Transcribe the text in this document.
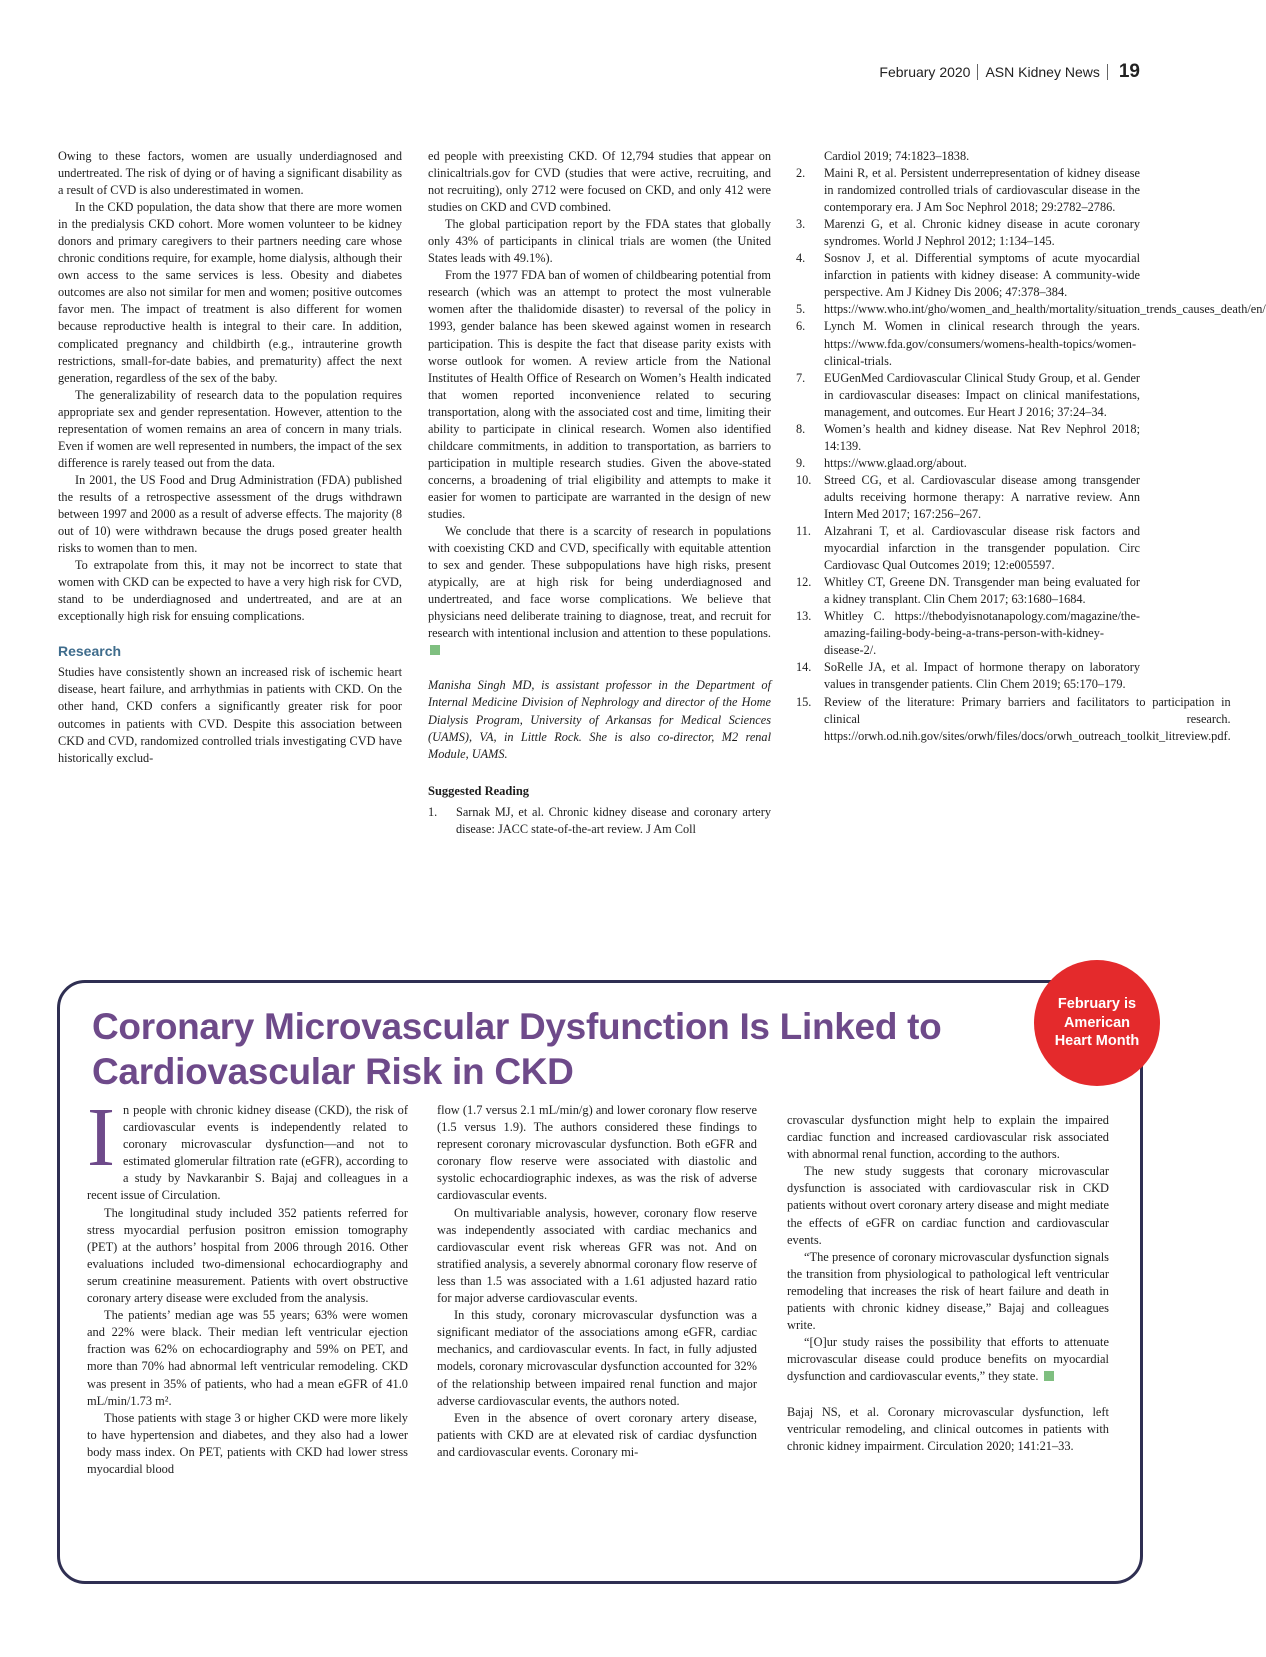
February 2020 ASN Kidney News 19

Owing to these factors, women are usually underdiagnosed and undertreated. The risk of dying or of having a significant disability as a result of CVD is also underestimated in women.

In the CKD population, the data show that there are more women in the predialysis CKD cohort. More women volunteer to be kidney donors and primary caregivers to their partners needing care whose chronic conditions require, for example, home dialysis, although their own access to the same services is less. Obesity and diabetes outcomes are also not similar for men and women; positive outcomes favor men. The impact of treatment is also different for women because reproductive health is integral to their care. In addition, complicated pregnancy and childbirth (e.g., intrauterine growth restrictions, small-for-date babies, and prematurity) affect the next generation, regardless of the sex of the baby.

The generalizability of research data to the population requires appropriate sex and gender representation. However, attention to the representation of women remains an area of concern in many trials. Even if women are well represented in numbers, the impact of the sex difference is rarely teased out from the data.

In 2001, the US Food and Drug Administration (FDA) published the results of a retrospective assessment of the drugs withdrawn between 1997 and 2000 as a result of adverse effects. The majority (8 out of 10) were withdrawn because the drugs posed greater health risks to women than to men.

To extrapolate from this, it may not be incorrect to state that women with CKD can be expected to have a very high risk for CVD, stand to be underdiagnosed and undertreated, and are at an exceptionally high risk for ensuing complications.

Research

Studies have consistently shown an increased risk of ischemic heart disease, heart failure, and arrhythmias in patients with CKD. On the other hand, CKD confers a significantly greater risk for poor outcomes in patients with CVD. Despite this association between CKD and CVD, randomized controlled trials investigating CVD have historically exclud-

ed people with preexisting CKD. Of 12,794 studies that appear on clinicaltrials.gov for CVD (studies that were active, recruiting, and not recruiting), only 2712 were focused on CKD, and only 412 were studies on CKD and CVD combined.

The global participation report by the FDA states that globally only 43% of participants in clinical trials are women (the United States leads with 49.1%).

From the 1977 FDA ban of women of childbearing potential from research (which was an attempt to protect the most vulnerable women after the thalidomide disaster) to reversal of the policy in 1993, gender balance has been skewed against women in research participation. This is despite the fact that disease parity exists with worse outlook for women. A review article from the National Institutes of Health Office of Research on Women’s Health indicated that women reported inconvenience related to securing transportation, along with the associated cost and time, limiting their ability to participate in clinical research. Women also identified childcare commitments, in addition to transportation, as barriers to participation in multiple research studies. Given the above-stated concerns, a broadening of trial eligibility and attempts to make it easier for women to participate are warranted in the design of new studies.

We conclude that there is a scarcity of research in populations with coexisting CKD and CVD, specifically with equitable attention to sex and gender. These subpopulations have high risks, present atypically, are at high risk for being underdiagnosed and undertreated, and face worse complications. We believe that physicians need deliberate training to diagnose, treat, and recruit for research with intentional inclusion and attention to these populations.

Manisha Singh MD, is assistant professor in the Department of Internal Medicine Division of Nephrology and director of the Home Dialysis Program, University of Arkansas for Medical Sciences (UAMS), VA, in Little Rock. She is also co-director, M2 renal Module, UAMS.

Suggested Reading
1.	Sarnak MJ, et al. Chronic kidney disease and coronary artery disease: JACC state-of-the-art review. J Am Coll
Cardiol 2019; 74:1823–1838.
2.	Maini R, et al. Persistent underrepresentation of kidney disease in randomized controlled trials of cardiovascular disease in the contemporary era. J Am Soc Nephrol 2018; 29:2782–2786.
3.	Marenzi G, et al. Chronic kidney disease in acute coronary syndromes. World J Nephrol 2012; 1:134–145.
4.	Sosnov J, et al. Differential symptoms of acute myocardial infarction in patients with kidney disease: A community-wide perspective. Am J Kidney Dis 2006; 47:378–384.
5.	https://www.who.int/gho/women_and_health/mortality/situation_trends_causes_death/en/
6.	Lynch M. Women in clinical research through the years. https://www.fda.gov/consumers/womens-health-topics/women-clinical-trials.
7.	EUGenMed Cardiovascular Clinical Study Group, et al. Gender in cardiovascular diseases: Impact on clinical manifestations, management, and outcomes. Eur Heart J 2016; 37:24–34.
8.	Women’s health and kidney disease. Nat Rev Nephrol 2018; 14:139.
9.	https://www.glaad.org/about.
10.	Streed CG, et al. Cardiovascular disease among transgender adults receiving hormone therapy: A narrative review. Ann Intern Med 2017; 167:256–267.
11.	Alzahrani T, et al. Cardiovascular disease risk factors and myocardial infarction in the transgender population. Circ Cardiovasc Qual Outcomes 2019; 12:e005597.
12.	Whitley CT, Greene DN. Transgender man being evaluated for a kidney transplant. Clin Chem 2017; 63:1680–1684.
13.	Whitley C. https://thebodyisnotanapology.com/magazine/the-amazing-failing-body-being-a-trans-person-with-kidney-disease-2/.
14.	SoRelle JA, et al. Impact of hormone therapy on laboratory values in transgender patients. Clin Chem 2019; 65:170–179.
15.	Review of the literature: Primary barriers and facilitators to participation in clinical research. https://orwh.od.nih.gov/sites/orwh/files/docs/orwh_outreach_toolkit_litreview.pdf.
February is American Heart Month
Coronary Microvascular Dysfunction Is Linked to Cardiovascular Risk in CKD

In people with chronic kidney disease (CKD), the risk of cardiovascular events is independently related to coronary microvascular dysfunction—and not to estimated glomerular filtration rate (eGFR), according to a study by Navkaranbir S. Bajaj and colleagues in a recent issue of Circulation.

The longitudinal study included 352 patients referred for stress myocardial perfusion positron emission tomography (PET) at the authors’ hospital from 2006 through 2016. Other evaluations included two-dimensional echocardiography and serum creatinine measurement. Patients with overt obstructive coronary artery disease were excluded from the analysis.

The patients’ median age was 55 years; 63% were women and 22% were black. Their median left ventricular ejection fraction was 62% on echocardiography and 59% on PET, and more than 70% had abnormal left ventricular remodeling. CKD was present in 35% of patients, who had a mean eGFR of 41.0 mL/min/1.73 m².

Those patients with stage 3 or higher CKD were more likely to have hypertension and diabetes, and they also had a lower body mass index. On PET, patients with CKD had lower stress myocardial blood

flow (1.7 versus 2.1 mL/min/g) and lower coronary flow reserve (1.5 versus 1.9). The authors considered these findings to represent coronary microvascular dysfunction. Both eGFR and coronary flow reserve were associated with diastolic and systolic echocardiographic indexes, as was the risk of adverse cardiovascular events.

On multivariable analysis, however, coronary flow reserve was independently associated with cardiac mechanics and cardiovascular event risk whereas GFR was not. And on stratified analysis, a severely abnormal coronary flow reserve of less than 1.5 was associated with a 1.61 adjusted hazard ratio for major adverse cardiovascular events.

In this study, coronary microvascular dysfunction was a significant mediator of the associations among eGFR, cardiac mechanics, and cardiovascular events. In fact, in fully adjusted models, coronary microvascular dysfunction accounted for 32% of the relationship between impaired renal function and major adverse cardiovascular events, the authors noted.

Even in the absence of overt coronary artery disease, patients with CKD are at elevated risk of cardiac dysfunction and cardiovascular events. Coronary mi-

crovascular dysfunction might help to explain the impaired cardiac function and increased cardiovascular risk associated with abnormal renal function, according to the authors.

The new study suggests that coronary microvascular dysfunction is associated with cardiovascular risk in CKD patients without overt coronary artery disease and might mediate the effects of eGFR on cardiac function and cardiovascular events.

“The presence of coronary microvascular dysfunction signals the transition from physiological to pathological left ventricular remodeling that increases the risk of heart failure and death in patients with chronic kidney disease,” Bajaj and colleagues write.

“[O]ur study raises the possibility that efforts to attenuate microvascular disease could produce benefits on myocardial dysfunction and cardiovascular events,” they state.

Bajaj NS, et al. Coronary microvascular dysfunction, left ventricular remodeling, and clinical outcomes in patients with chronic kidney impairment. Circulation 2020; 141:21–33.
